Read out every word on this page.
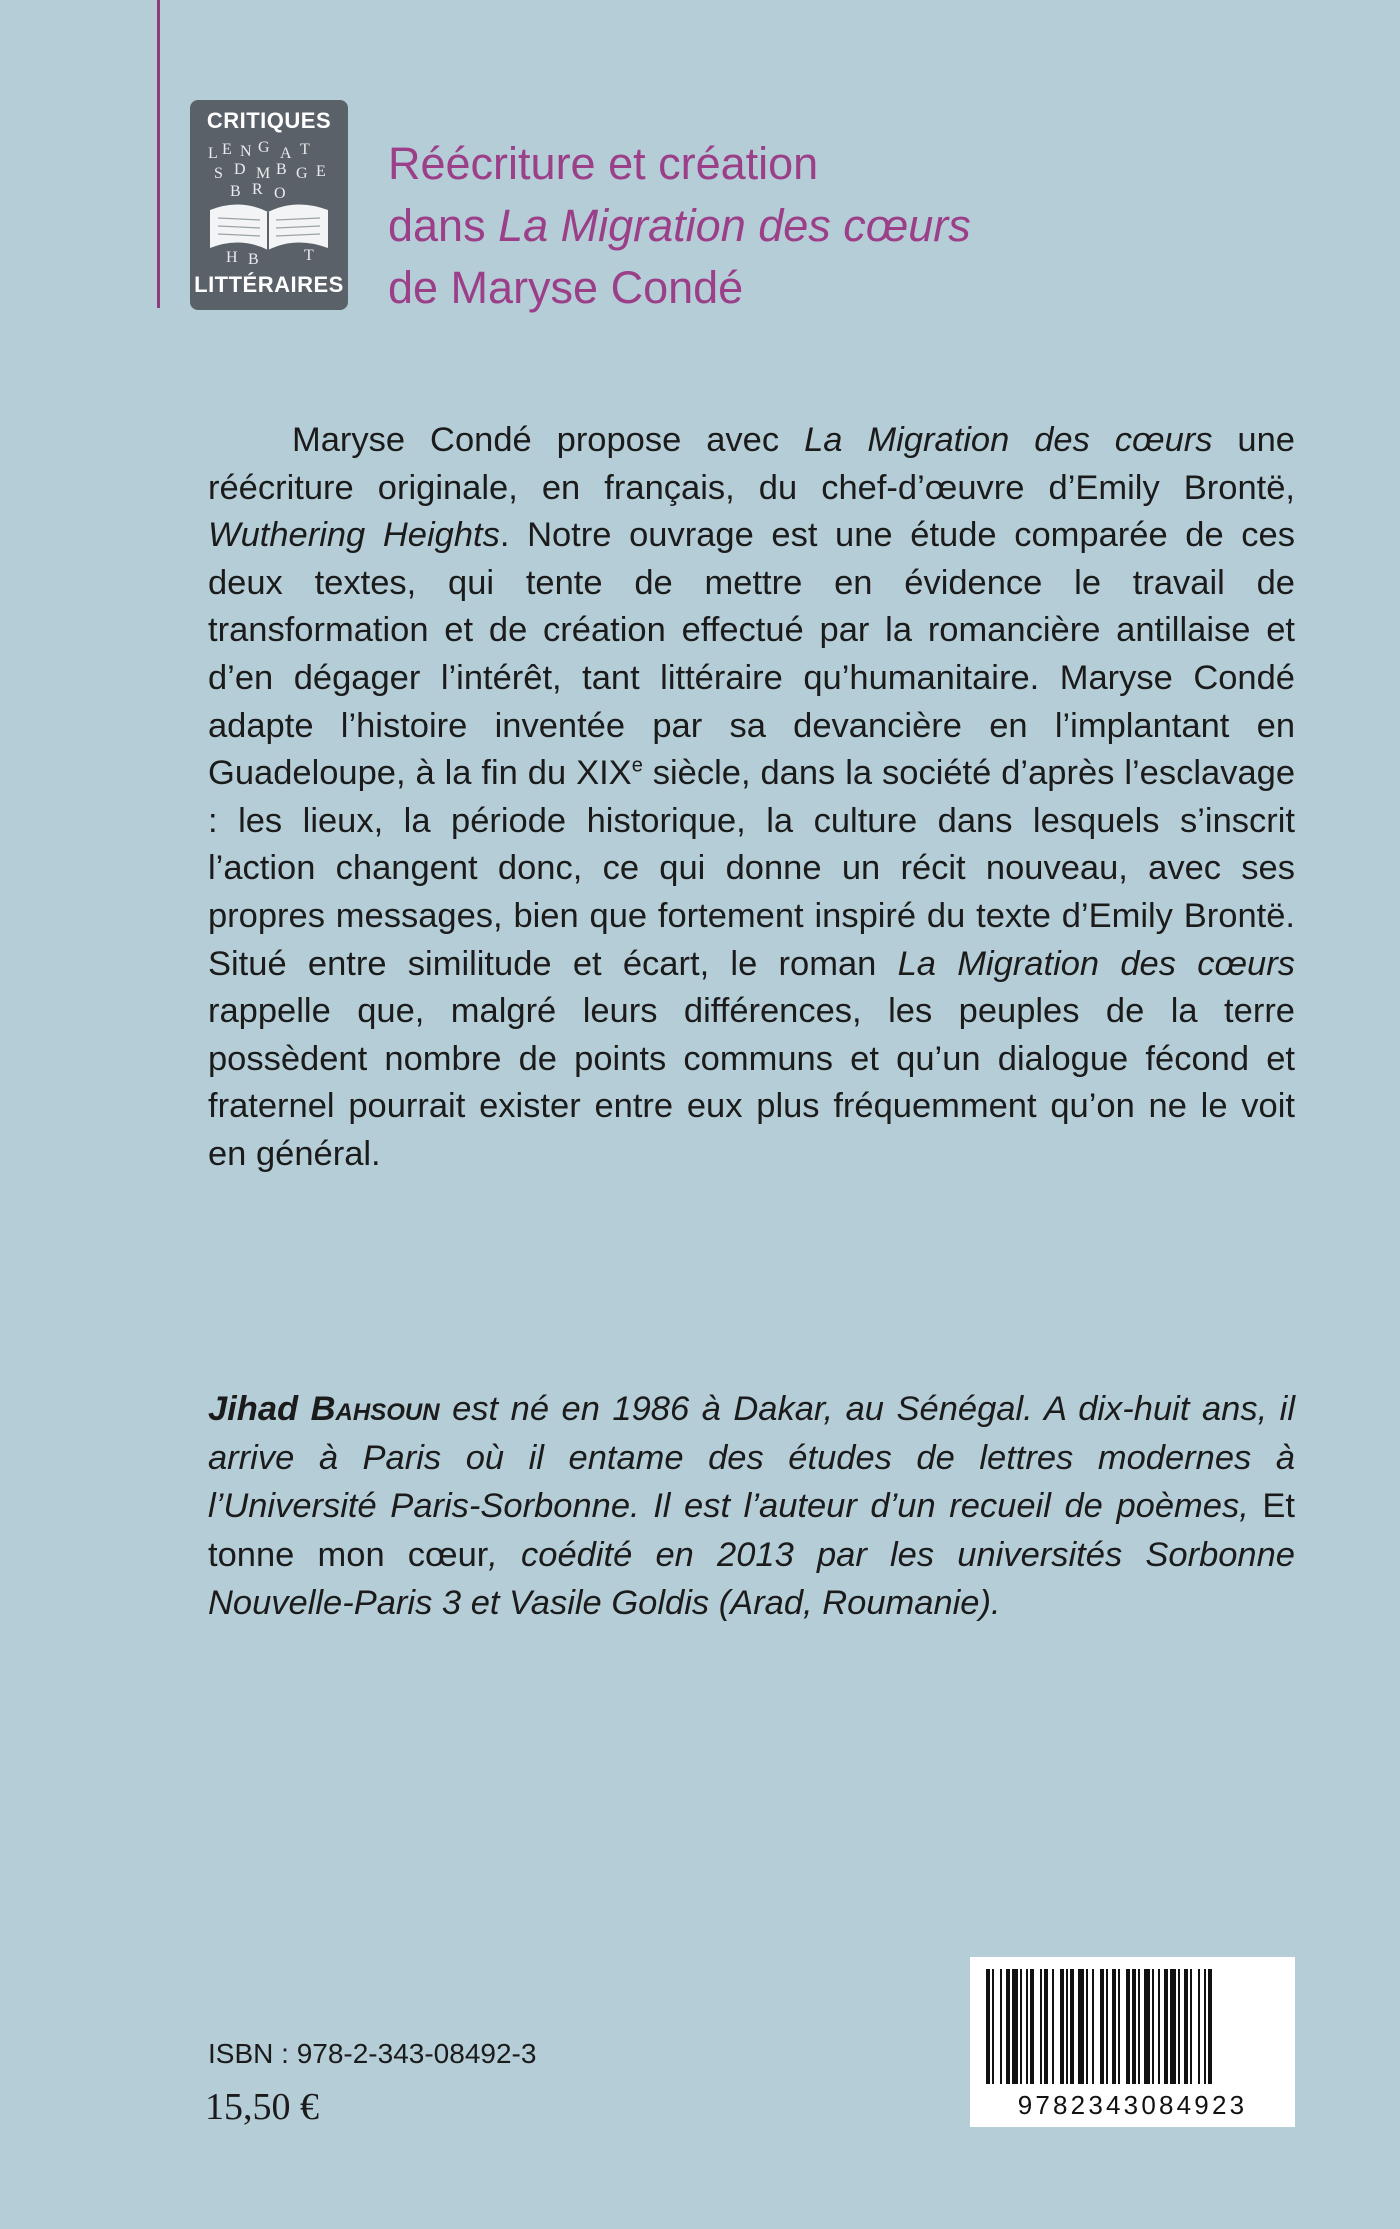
CRITIQUES
L E N G A T
S D M B G E
B R O
H B	T
LITTÉRAIRES
Réécriture et création
dans La Migration des cœurs
de Maryse Condé

Maryse Condé propose avec La Migration des cœurs une réécriture originale, en français, du chef-d’œuvre d’Emily Brontë, Wuthering Heights. Notre ouvrage est une étude comparée de ces deux textes, qui tente de mettre en évidence le travail de transformation et de création effectué par la romancière antillaise et d’en dégager l’intérêt, tant littéraire qu’humanitaire. Maryse Condé adapte l’histoire inventée par sa devancière en l’implantant en Guadeloupe, à la fin du XIXe siècle, dans la société d’après l’esclavage : les lieux, la période historique, la culture dans lesquels s’inscrit l’action changent donc, ce qui donne un récit nouveau, avec ses propres messages, bien que fortement inspiré du texte d’Emily Brontë. Situé entre similitude et écart, le roman La Migration des cœurs rappelle que, malgré leurs différences, les peuples de la terre possèdent nombre de points communs et qu’un dialogue fécond et fraternel pourrait exister entre eux plus fréquemment qu’on ne le voit en général.

Jihad Bahsoun est né en 1986 à Dakar, au Sénégal. A dix-huit ans, il arrive à Paris où il entame des études de lettres modernes à l’Université Paris-Sorbonne. Il est l’auteur d’un recueil de poèmes, Et tonne mon cœur, coédité en 2013 par les universités Sorbonne Nouvelle-Paris 3 et Vasile Goldis (Arad, Roumanie).

ISBN : 978-2-343-08492-3
15,50 €	9782343084923
